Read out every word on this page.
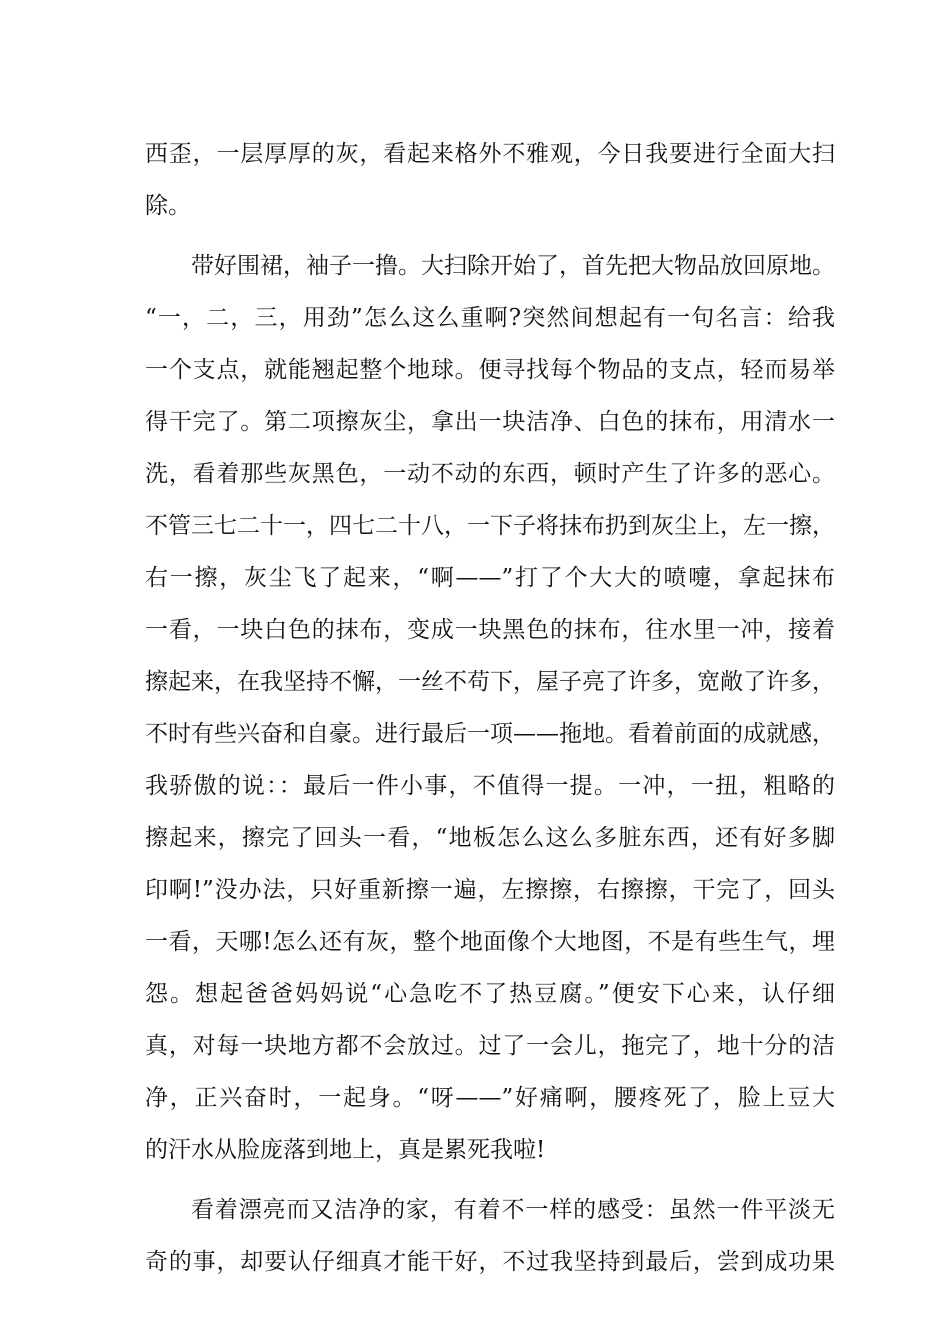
西歪，一层厚厚的灰，看起来格外不雅观，今日我要进行全面大扫
除。
带好围裙，袖子一撸。大扫除开始了，首先把大物品放回原地。
“一，二，三，用劲”怎么这么重啊?突然间想起有一句名言：给我
一个支点，就能翘起整个地球。便寻找每个物品的支点，轻而易举
得干完了。第二项擦灰尘，拿出一块洁净、白色的抹布，用清水一
洗，看着那些灰黑色，一动不动的东西，顿时产生了许多的恶心。
不管三七二十一，四七二十八，一下子将抹布扔到灰尘上，左一擦，
右一擦，灰尘飞了起来，“啊——”打了个大大的喷嚏，拿起抹布
一看，一块白色的抹布，变成一块黑色的抹布，往水里一冲，接着
擦起来，在我坚持不懈，一丝不苟下，屋子亮了许多，宽敞了许多，
不时有些兴奋和自豪。进行最后一项——拖地。看着前面的成就感，
我骄傲的说：：最后一件小事，不值得一提。一冲，一扭，粗略的
擦起来，擦完了回头一看，“地板怎么这么多脏东西，还有好多脚
印啊!”没办法，只好重新擦一遍，左擦擦，右擦擦，干完了，回头
一看，天哪!怎么还有灰，整个地面像个大地图，不是有些生气，埋
怨。想起爸爸妈妈说“心急吃不了热豆腐。”便安下心来，认仔细
真，对每一块地方都不会放过。过了一会儿，拖完了，地十分的洁
净，正兴奋时，一起身。“呀——”好痛啊，腰疼死了，脸上豆大
的汗水从脸庞落到地上，真是累死我啦!
看着漂亮而又洁净的家，有着不一样的感受：虽然一件平淡无
奇的事，却要认仔细真才能干好，不过我坚持到最后，尝到成功果
